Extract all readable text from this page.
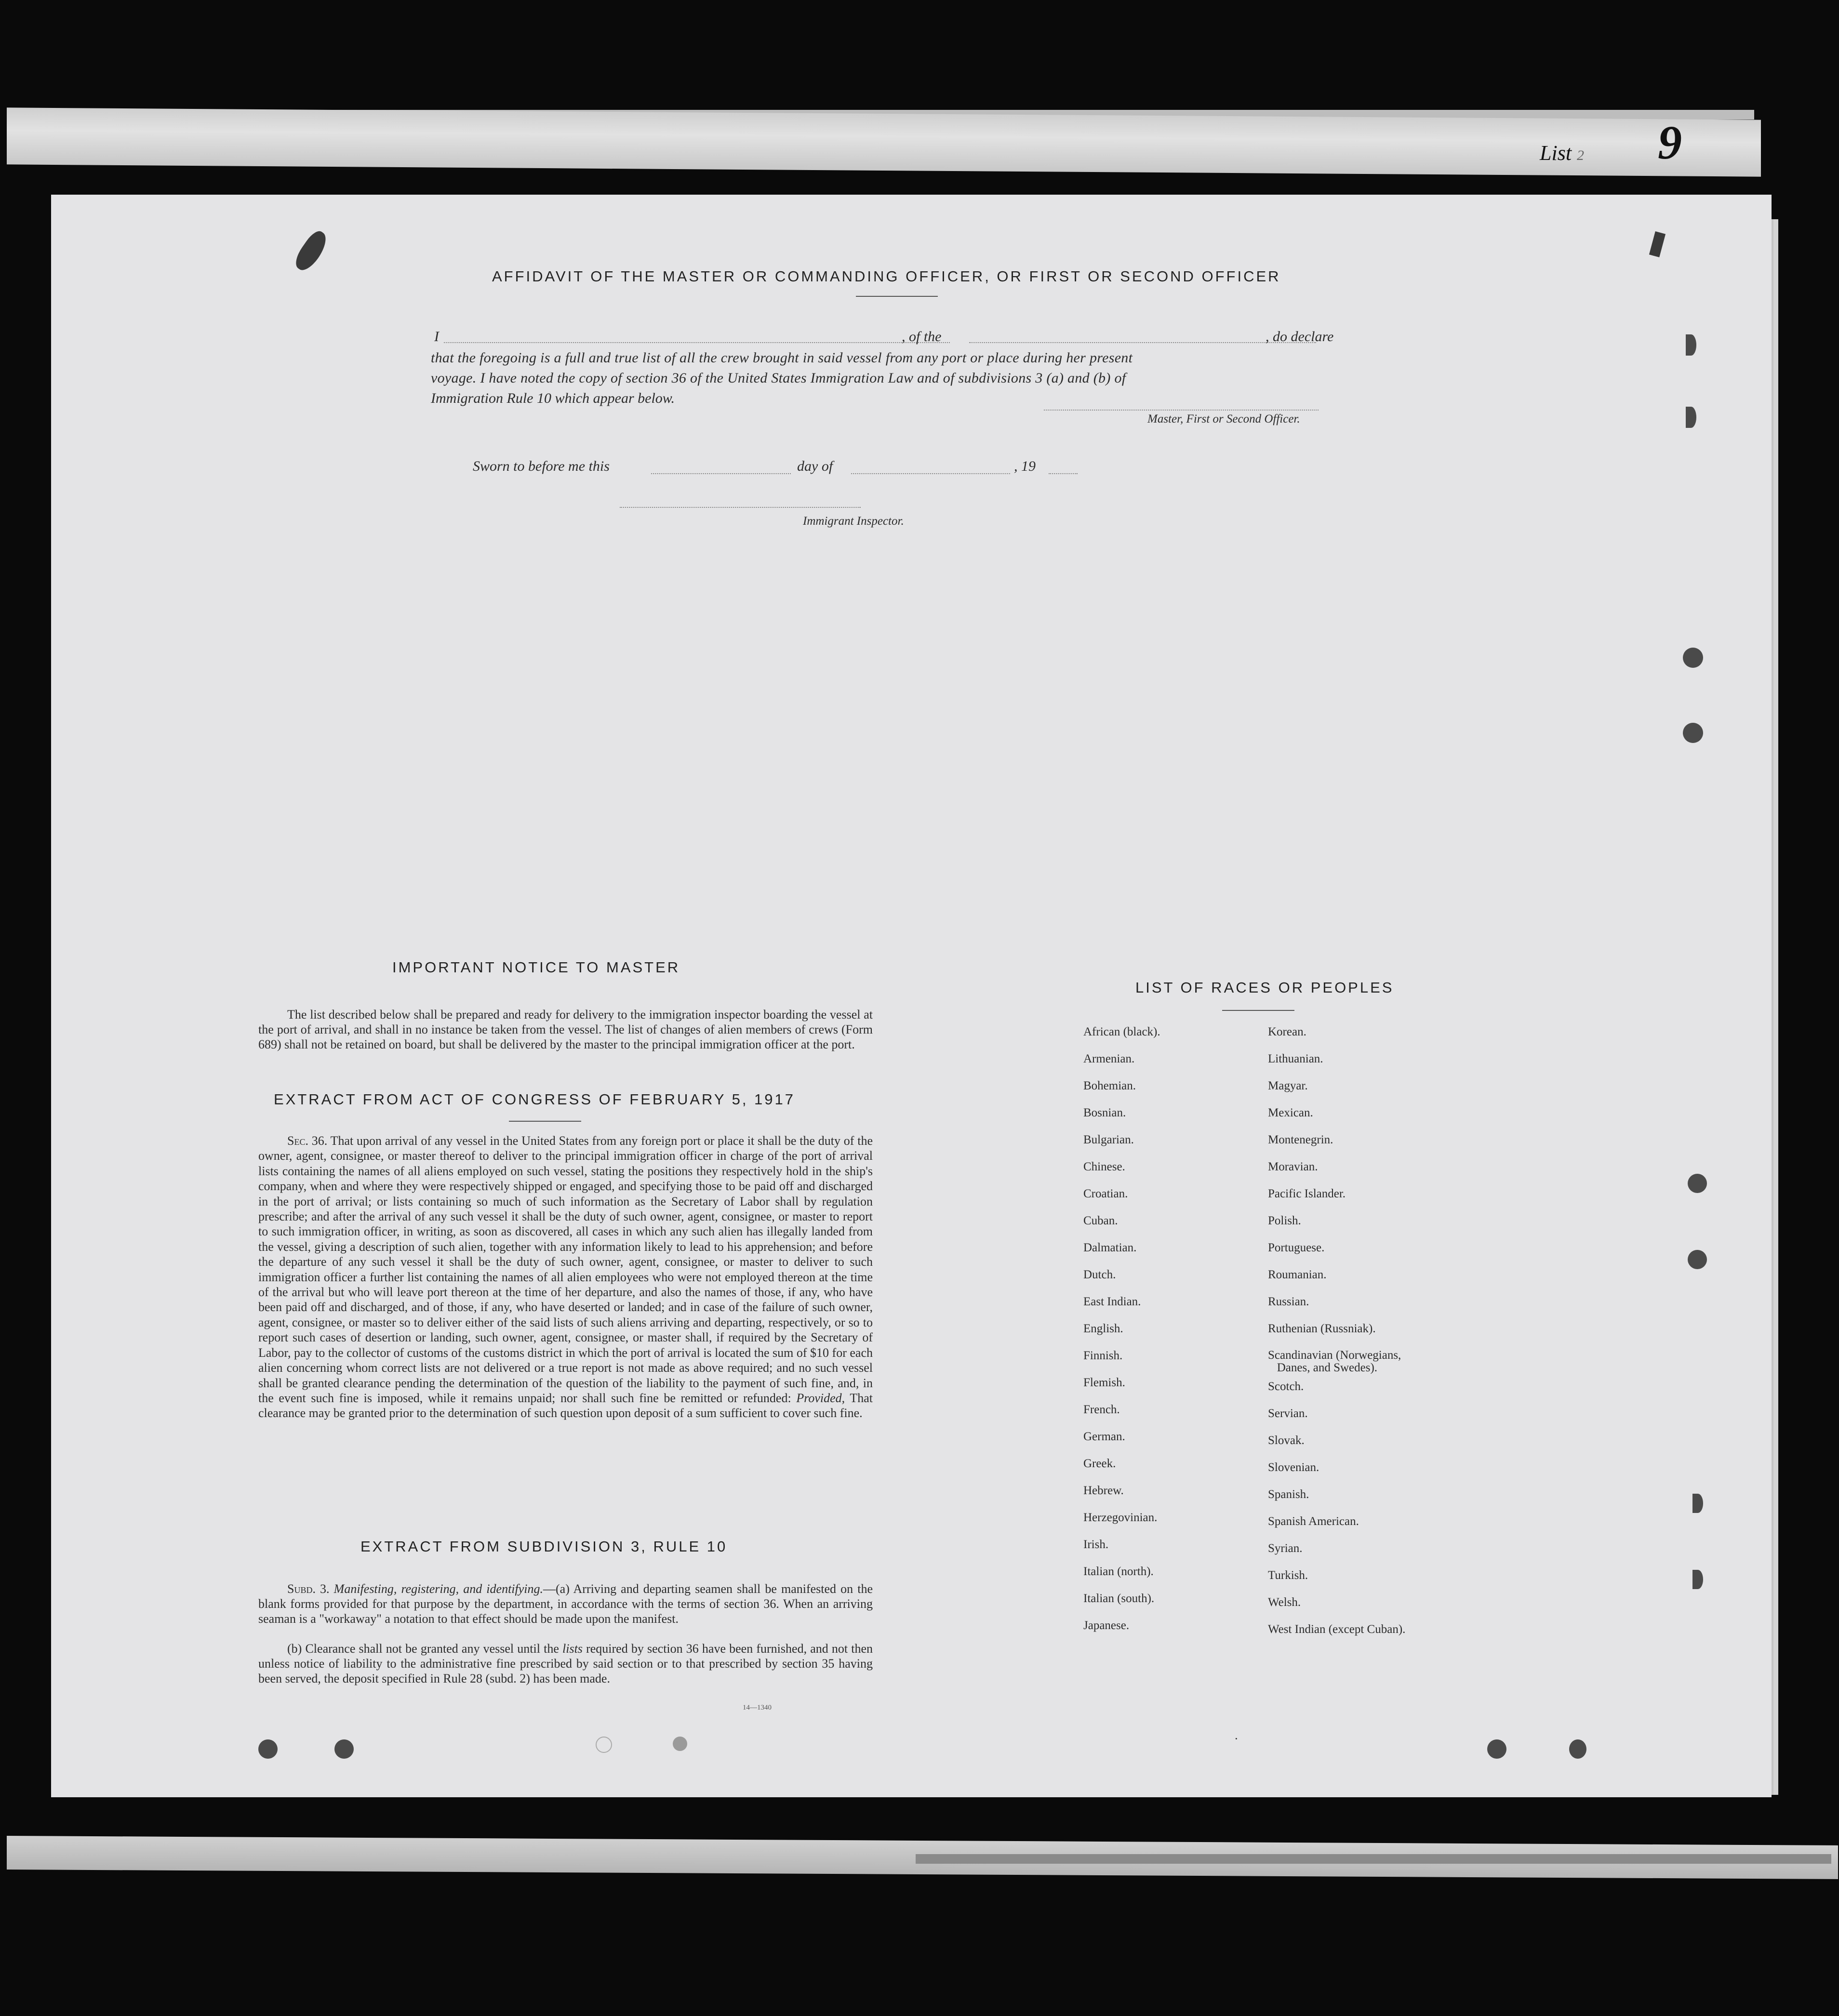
List 2 9
AFFIDAVIT OF THE MASTER OR COMMANDING OFFICER, OR FIRST OR SECOND OFFICER
I	, of the	, do declare
that the foregoing is a full and true list of all the crew brought in said vessel from any port or place during her present
voyage. I have noted the copy of section 36 of the United States Immigration Law and of subdivisions 3 (a) and (b) of
Immigration Rule 10 which appear below.
Master, First or Second Officer.
Sworn to before me this	day of	, 19
Immigrant Inspector.
IMPORTANT NOTICE TO MASTER
The list described below shall be prepared and ready for delivery to the immigration inspector boarding the vessel at the port of arrival, and shall in no instance be taken from the vessel. The list of changes of alien members of crews (Form 689) shall not be retained on board, but shall be delivered by the master to the principal immigration officer at the port.
EXTRACT FROM ACT OF CONGRESS OF FEBRUARY 5, 1917
Sec. 36. That upon arrival of any vessel in the United States from any foreign port or place it shall be the duty of the owner, agent, consignee, or master thereof to deliver to the principal immigration officer in charge of the port of arrival lists containing the names of all aliens employed on such vessel, stating the positions they respectively hold in the ship's company, when and where they were respectively shipped or engaged, and specifying those to be paid off and discharged in the port of arrival; or lists containing so much of such information as the Secretary of Labor shall by regulation prescribe; and after the arrival of any such vessel it shall be the duty of such owner, agent, consignee, or master to report to such immigration officer, in writing, as soon as discovered, all cases in which any such alien has illegally landed from the vessel, giving a description of such alien, together with any information likely to lead to his apprehension; and before the departure of any such vessel it shall be the duty of such owner, agent, consignee, or master to deliver to such immigration officer a further list containing the names of all alien employees who were not employed thereon at the time of the arrival but who will leave port thereon at the time of her departure, and also the names of those, if any, who have been paid off and discharged, and of those, if any, who have deserted or landed; and in case of the failure of such owner, agent, consignee, or master so to deliver either of the said lists of such aliens arriving and departing, respectively, or so to report such cases of desertion or landing, such owner, agent, consignee, or master shall, if required by the Secretary of Labor, pay to the collector of customs of the customs district in which the port of arrival is located the sum of $10 for each alien concerning whom correct lists are not delivered or a true report is not made as above required; and no such vessel shall be granted clearance pending the determination of the question of the liability to the payment of such fine, and, in the event such fine is imposed, while it remains unpaid; nor shall such fine be remitted or refunded: Provided, That clearance may be granted prior to the determination of such question upon deposit of a sum sufficient to cover such fine.
EXTRACT FROM SUBDIVISION 3, RULE 10
Subd. 3. Manifesting, registering, and identifying.—(a) Arriving and departing seamen shall be manifested on the blank forms provided for that purpose by the department, in accordance with the terms of section 36. When an arriving seaman is a "workaway" a notation to that effect should be made upon the manifest.
(b) Clearance shall not be granted any vessel until the lists required by section 36 have been furnished, and not then unless notice of liability to the administrative fine prescribed by said section or to that prescribed by section 35 having been served, the deposit specified in Rule 28 (subd. 2) has been made.
14—1340
LIST OF RACES OR PEOPLES
African (black).
Armenian.
Bohemian.
Bosnian.
Bulgarian.
Chinese.
Croatian.
Cuban.
Dalmatian.
Dutch.
East Indian.
English.
Finnish.
Flemish.
French.
German.
Greek.
Hebrew.
Herzegovinian.
Irish.
Italian (north).
Italian (south).
Japanese.
Korean.
Lithuanian.
Magyar.
Mexican.
Montenegrin.
Moravian.
Pacific Islander.
Polish.
Portuguese.
Roumanian.
Russian.
Ruthenian (Russniak).
Scandinavian (Norwegians,
Danes, and Swedes).
Scotch.
Servian.
Slovak.
Slovenian.
Spanish.
Spanish American.
Syrian.
Turkish.
Welsh.
West Indian (except Cuban).
·
